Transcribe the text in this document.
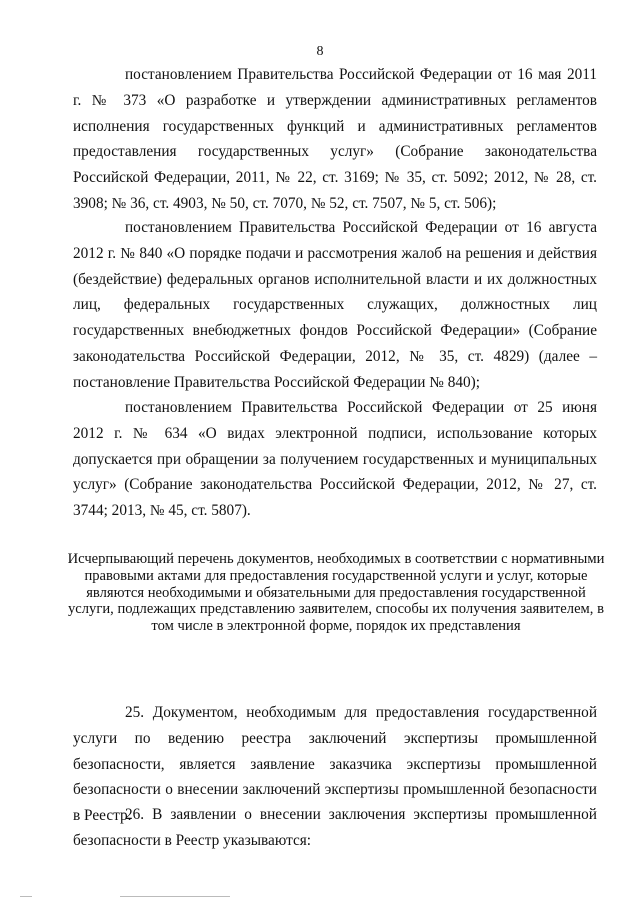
8

постановлением Правительства Российской Федерации от 16 мая 2011 г. № 373 «О разработке и утверждении административных регламентов исполнения государственных функций и административных регламентов предоставления государственных услуг» (Собрание законодательства Российской Федерации, 2011, № 22, ст. 3169; № 35, ст. 5092; 2012, № 28, ст. 3908; № 36, ст. 4903, № 50, ст. 7070, № 52, ст. 7507, № 5, ст. 506);

постановлением Правительства Российской Федерации от 16 августа 2012 г. № 840 «О порядке подачи и рассмотрения жалоб на решения и действия (бездействие) федеральных органов исполнительной власти и их должностных лиц, федеральных государственных служащих, должностных лиц государственных внебюджетных фондов Российской Федерации» (Собрание законодательства Российской Федерации, 2012, № 35, ст. 4829) (далее – постановление Правительства Российской Федерации № 840);

постановлением Правительства Российской Федерации от 25 июня 2012 г. № 634 «О видах электронной подписи, использование которых допускается при обращении за получением государственных и муниципальных услуг» (Собрание законодательства Российской Федерации, 2012, № 27, ст. 3744; 2013, № 45, ст. 5807).

Исчерпывающий перечень документов, необходимых в соответствии с нормативными правовыми актами для предоставления государственной услуги и услуг, которые являются необходимыми и обязательными для предоставления государственной услуги, подлежащих представлению заявителем, способы их получения заявителем, в том числе в электронной форме, порядок их представления

25. Документом, необходимым для предоставления государственной услуги по ведению реестра заключений экспертизы промышленной безопасности, является заявление заказчика экспертизы промышленной безопасности о внесении заключений экспертизы промышленной безопасности в Реестр.

26. В заявлении о внесении заключения экспертизы промышленной безопасности в Реестр указываются:
